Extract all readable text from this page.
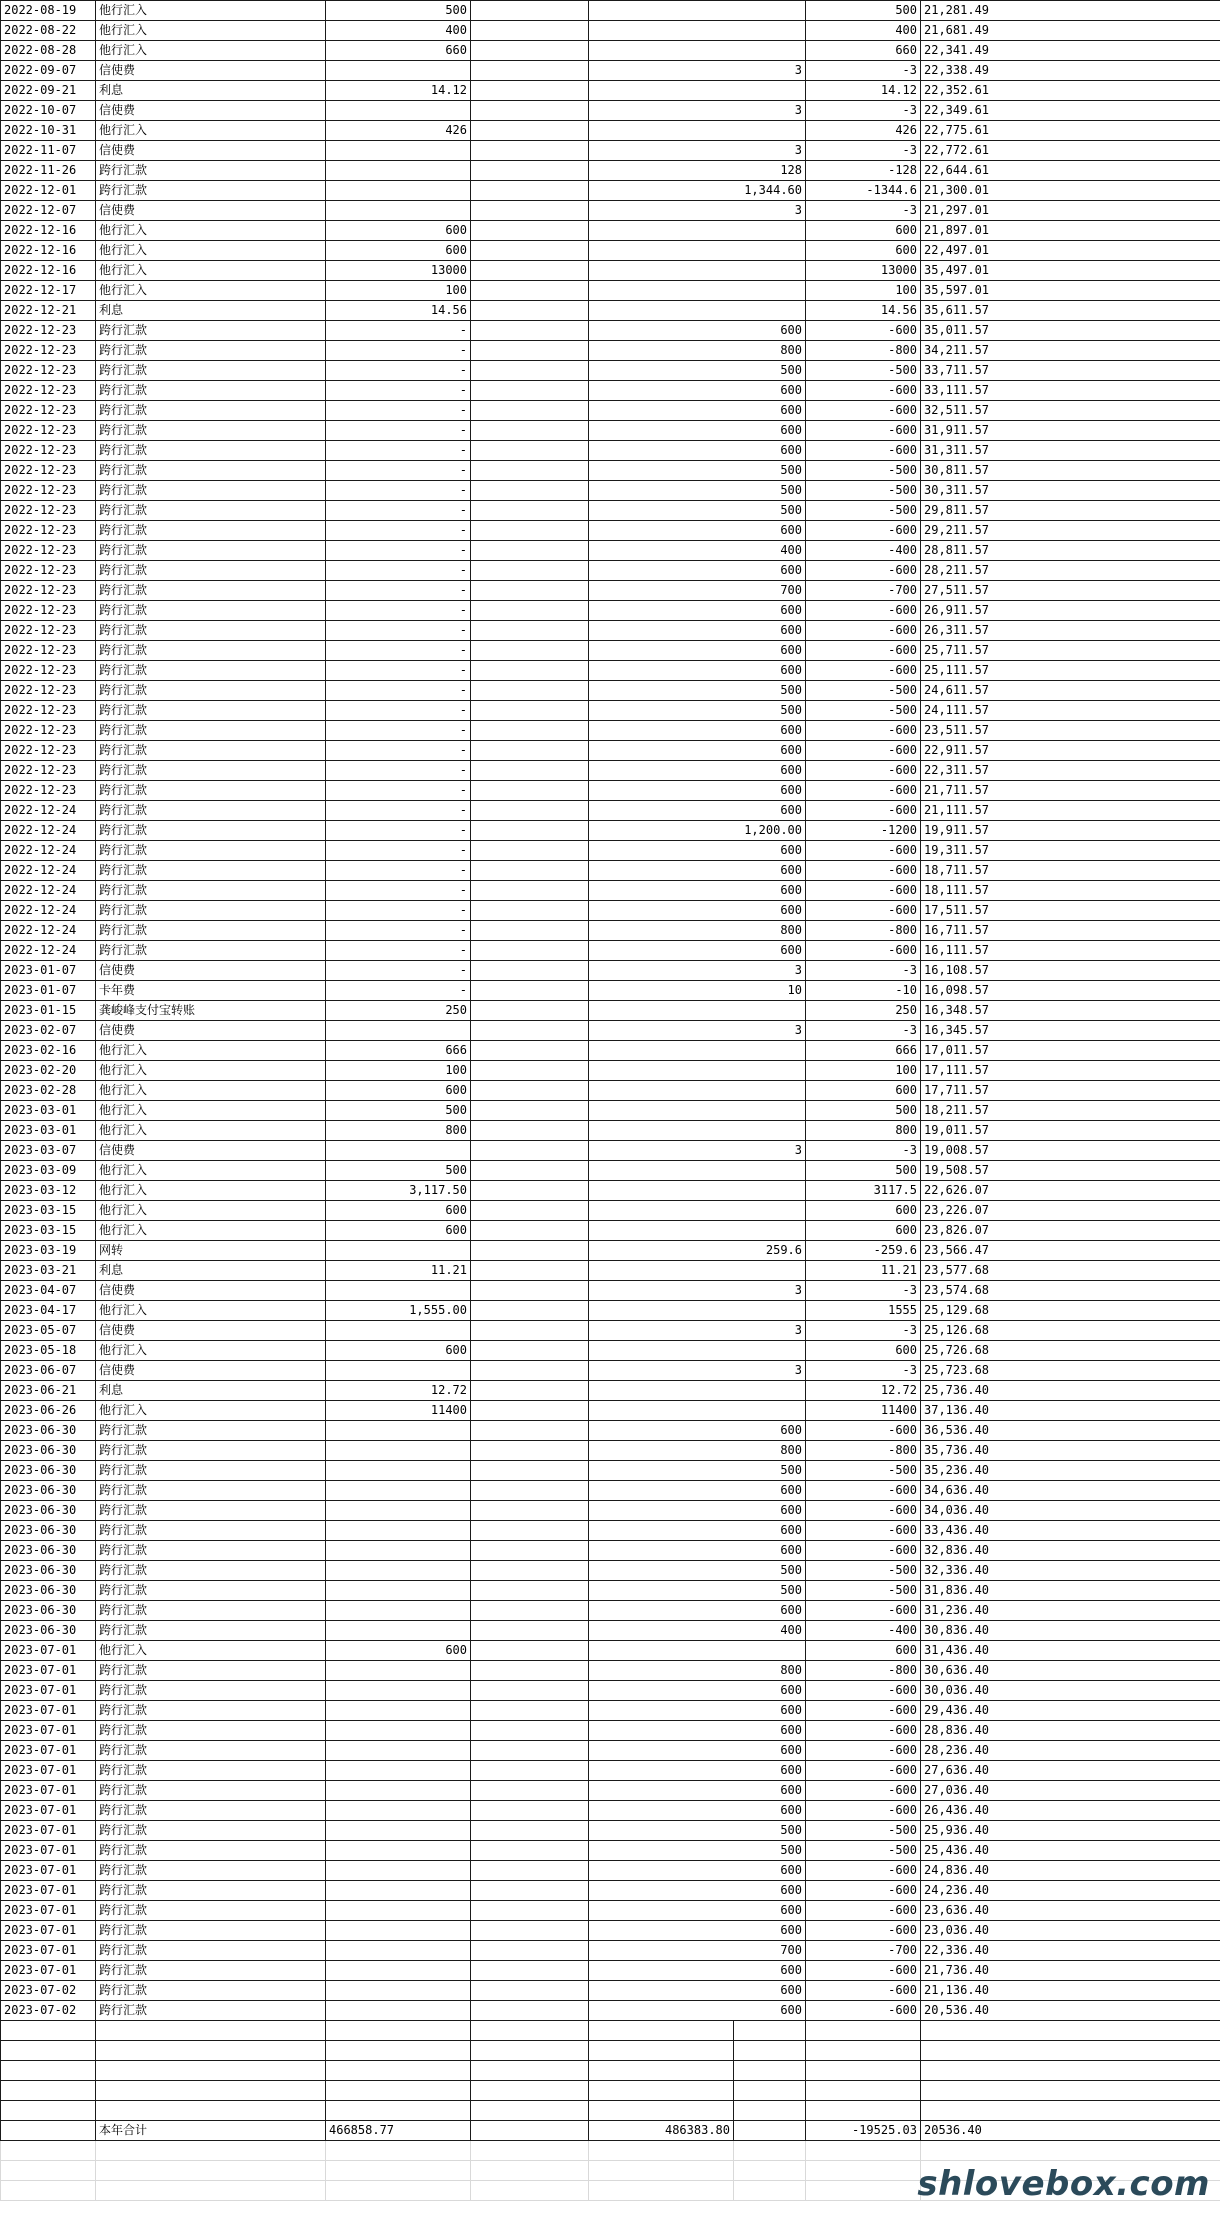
2022-08-19	他行汇入	500				500	21,281.49	
2022-08-22	他行汇入	400				400	21,681.49	
2022-08-28	他行汇入	660				660	22,341.49	
2022-09-07	信使费			3		-3	22,338.49	
2022-09-21	利息	14.12				14.12	22,352.61	
2022-10-07	信使费			3		-3	22,349.61	
2022-10-31	他行汇入	426				426	22,775.61	
2022-11-07	信使费			3		-3	22,772.61	
2022-11-26	跨行汇款			128		-128	22,644.61	
2022-12-01	跨行汇款			1,344.60		-1344.6	21,300.01	
2022-12-07	信使费			3		-3	21,297.01	
2022-12-16	他行汇入	600				600	21,897.01	
2022-12-16	他行汇入	600				600	22,497.01	
2022-12-16	他行汇入	13000				13000	35,497.01	
2022-12-17	他行汇入	100				100	35,597.01	
2022-12-21	利息	14.56				14.56	35,611.57	
2022-12-23	跨行汇款	-		600		-600	35,011.57	
2022-12-23	跨行汇款	-		800		-800	34,211.57	
2022-12-23	跨行汇款	-		500		-500	33,711.57	
2022-12-23	跨行汇款	-		600		-600	33,111.57	
2022-12-23	跨行汇款	-		600		-600	32,511.57	
2022-12-23	跨行汇款	-		600		-600	31,911.57	
2022-12-23	跨行汇款	-		600		-600	31,311.57	
2022-12-23	跨行汇款	-		500		-500	30,811.57	
2022-12-23	跨行汇款	-		500		-500	30,311.57	
2022-12-23	跨行汇款	-		500		-500	29,811.57	
2022-12-23	跨行汇款	-		600		-600	29,211.57	
2022-12-23	跨行汇款	-		400		-400	28,811.57	
2022-12-23	跨行汇款	-		600		-600	28,211.57	
2022-12-23	跨行汇款	-		700		-700	27,511.57	
2022-12-23	跨行汇款	-		600		-600	26,911.57	
2022-12-23	跨行汇款	-		600		-600	26,311.57	
2022-12-23	跨行汇款	-		600		-600	25,711.57	
2022-12-23	跨行汇款	-		600		-600	25,111.57	
2022-12-23	跨行汇款	-		500		-500	24,611.57	
2022-12-23	跨行汇款	-		500		-500	24,111.57	
2022-12-23	跨行汇款	-		600		-600	23,511.57	
2022-12-23	跨行汇款	-		600		-600	22,911.57	
2022-12-23	跨行汇款	-		600		-600	22,311.57	
2022-12-23	跨行汇款	-		600		-600	21,711.57	
2022-12-24	跨行汇款	-		600		-600	21,111.57	
2022-12-24	跨行汇款	-		1,200.00		-1200	19,911.57	
2022-12-24	跨行汇款	-		600		-600	19,311.57	
2022-12-24	跨行汇款	-		600		-600	18,711.57	
2022-12-24	跨行汇款	-		600		-600	18,111.57	
2022-12-24	跨行汇款	-		600		-600	17,511.57	
2022-12-24	跨行汇款	-		800		-800	16,711.57	
2022-12-24	跨行汇款	-		600		-600	16,111.57	
2023-01-07	信使费	-		3		-3	16,108.57	
2023-01-07	卡年费	-		10		-10	16,098.57	
2023-01-15	龚峻峰支付宝转账	250				250	16,348.57	
2023-02-07	信使费			3		-3	16,345.57	
2023-02-16	他行汇入	666				666	17,011.57	
2023-02-20	他行汇入	100				100	17,111.57	
2023-02-28	他行汇入	600				600	17,711.57	
2023-03-01	他行汇入	500				500	18,211.57	
2023-03-01	他行汇入	800				800	19,011.57	
2023-03-07	信使费			3		-3	19,008.57	
2023-03-09	他行汇入	500				500	19,508.57	
2023-03-12	他行汇入	3,117.50				3117.5	22,626.07	
2023-03-15	他行汇入	600				600	23,226.07	
2023-03-15	他行汇入	600				600	23,826.07	
2023-03-19	网转			259.6		-259.6	23,566.47	
2023-03-21	利息	11.21				11.21	23,577.68	
2023-04-07	信使费			3		-3	23,574.68	
2023-04-17	他行汇入	1,555.00				1555	25,129.68	
2023-05-07	信使费			3		-3	25,126.68	
2023-05-18	他行汇入	600				600	25,726.68	
2023-06-07	信使费			3		-3	25,723.68	
2023-06-21	利息	12.72				12.72	25,736.40	
2023-06-26	他行汇入	11400				11400	37,136.40	
2023-06-30	跨行汇款			600		-600	36,536.40	
2023-06-30	跨行汇款			800		-800	35,736.40	
2023-06-30	跨行汇款			500		-500	35,236.40	
2023-06-30	跨行汇款			600		-600	34,636.40	
2023-06-30	跨行汇款			600		-600	34,036.40	
2023-06-30	跨行汇款			600		-600	33,436.40	
2023-06-30	跨行汇款			600		-600	32,836.40	
2023-06-30	跨行汇款			500		-500	32,336.40	
2023-06-30	跨行汇款			500		-500	31,836.40	
2023-06-30	跨行汇款			600		-600	31,236.40	
2023-06-30	跨行汇款			400		-400	30,836.40	
2023-07-01	他行汇入	600				600	31,436.40	
2023-07-01	跨行汇款			800		-800	30,636.40	
2023-07-01	跨行汇款			600		-600	30,036.40	
2023-07-01	跨行汇款			600		-600	29,436.40	
2023-07-01	跨行汇款			600		-600	28,836.40	
2023-07-01	跨行汇款			600		-600	28,236.40	
2023-07-01	跨行汇款			600		-600	27,636.40	
2023-07-01	跨行汇款			600		-600	27,036.40	
2023-07-01	跨行汇款			600		-600	26,436.40	
2023-07-01	跨行汇款			500		-500	25,936.40	
2023-07-01	跨行汇款			500		-500	25,436.40	
2023-07-01	跨行汇款			600		-600	24,836.40	
2023-07-01	跨行汇款			600		-600	24,236.40	
2023-07-01	跨行汇款			600		-600	23,636.40	
2023-07-01	跨行汇款			600		-600	23,036.40	
2023-07-01	跨行汇款			700		-700	22,336.40	
2023-07-01	跨行汇款			600		-600	21,736.40	
2023-07-02	跨行汇款			600		-600	21,136.40	
2023-07-02	跨行汇款			600		-600	20,536.40	

	本年合计	466858.77		486383.80		-19525.03	20536.40	

shlovebox.com
